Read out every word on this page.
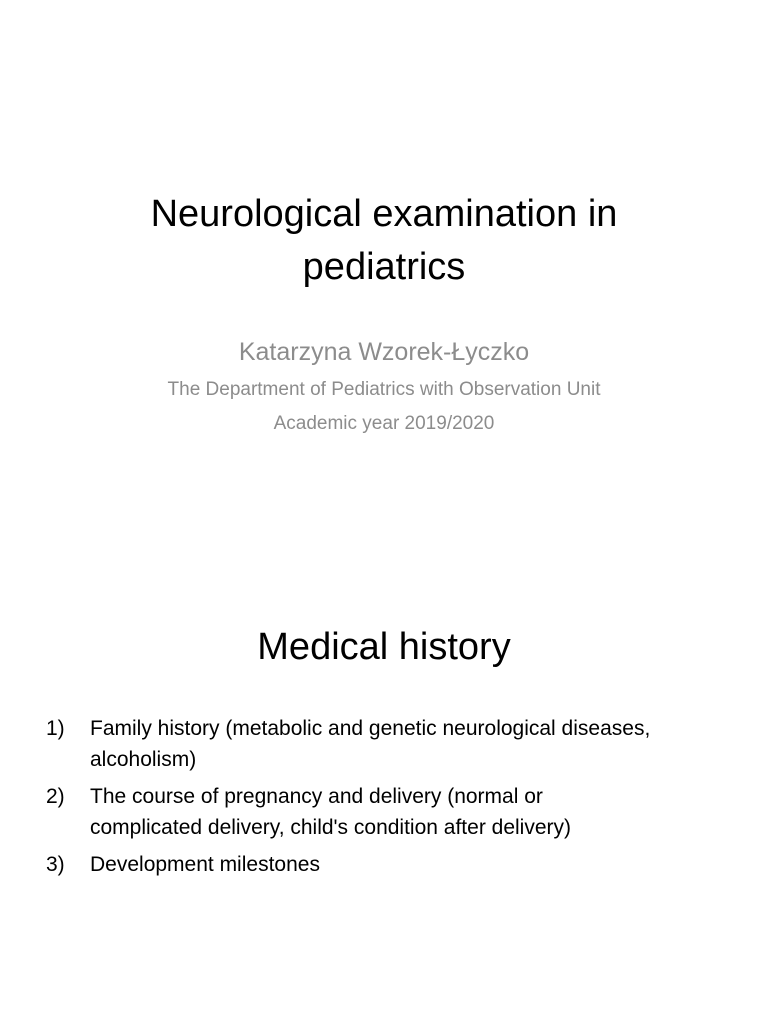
Neurological examination in
pediatrics
Katarzyna Wzorek-Łyczko
The Department of Pediatrics with Observation Unit
Academic year 2019/2020
Medical history
1)	Family history (metabolic and genetic neurological diseases,
alcoholism)
2)	The course of pregnancy and delivery (normal or
complicated delivery, child's condition after delivery)
3)	Development milestones
